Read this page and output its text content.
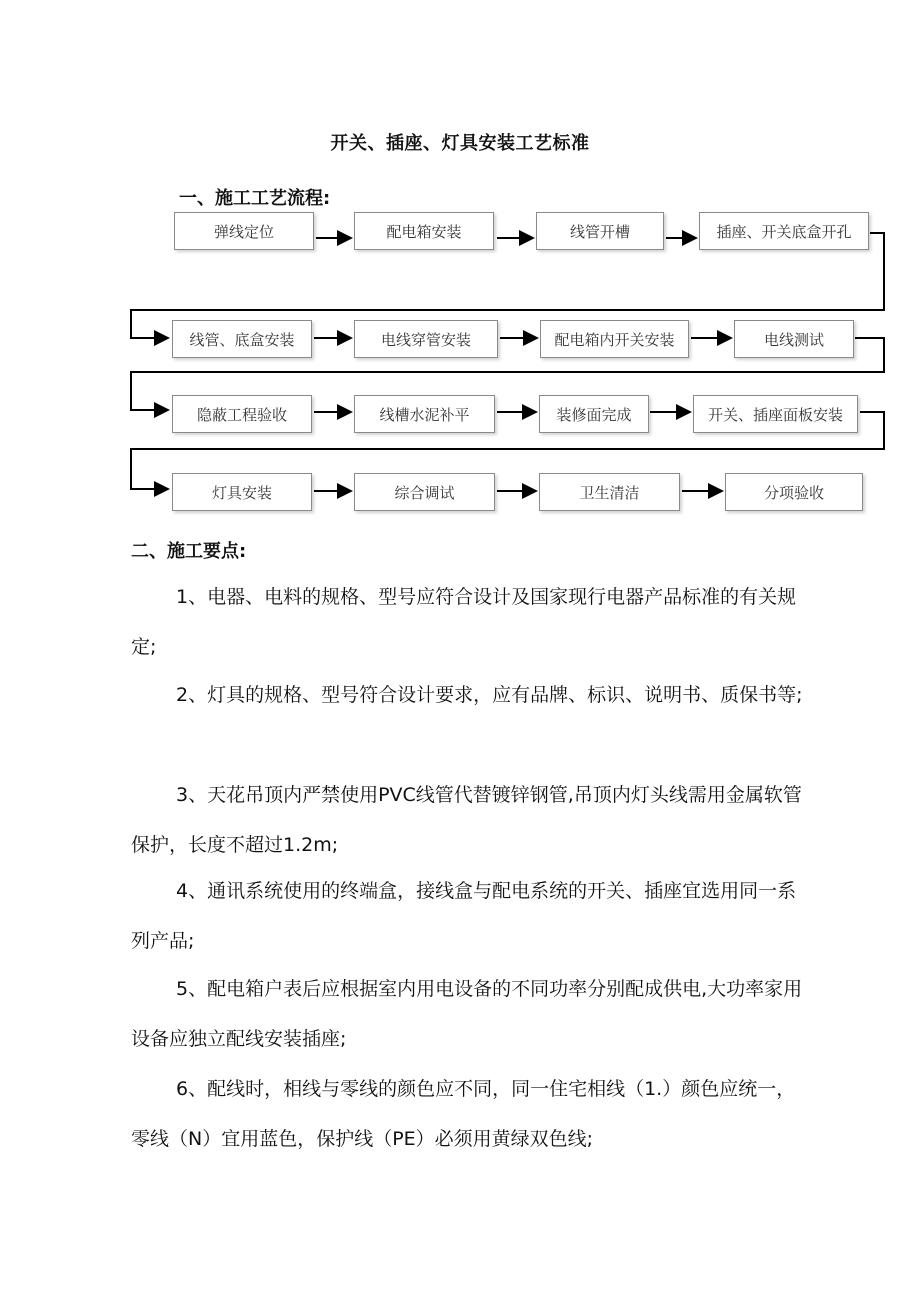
开关、插座、灯具安装工艺标准
一、施工工艺流程:
弹线定位	配电箱安装	线管开槽	插座、开关底盒开孔
线管、底盒安装	电线穿管安装	配电箱内开关安装	电线测试
隐蔽工程验收	线槽水泥补平	装修面完成	开关、插座面板安装
灯具安装	综合调试	卫生清洁	分项验收
二、施工要点:

1、电器、电料的规格、型号应符合设计及国家现行电器产品标准的有关规定;

2、灯具的规格、型号符合设计要求，应有品牌、标识、说明书、质保书等;

3、天花吊顶内严禁使用PVC线管代替镀锌钢管,吊顶内灯头线需用金属软管保护，长度不超过1.2m;

4、通讯系统使用的终端盒，接线盒与配电系统的开关、插座宜选用同一系列产品;

5、配电箱户表后应根据室内用电设备的不同功率分别配成供电,大功率家用设备应独立配线安装插座;

6、配线时，相线与零线的颜色应不同，同一住宅相线（1.）颜色应统一，零线（N）宜用蓝色，保护线（PE）必须用黄绿双色线;
